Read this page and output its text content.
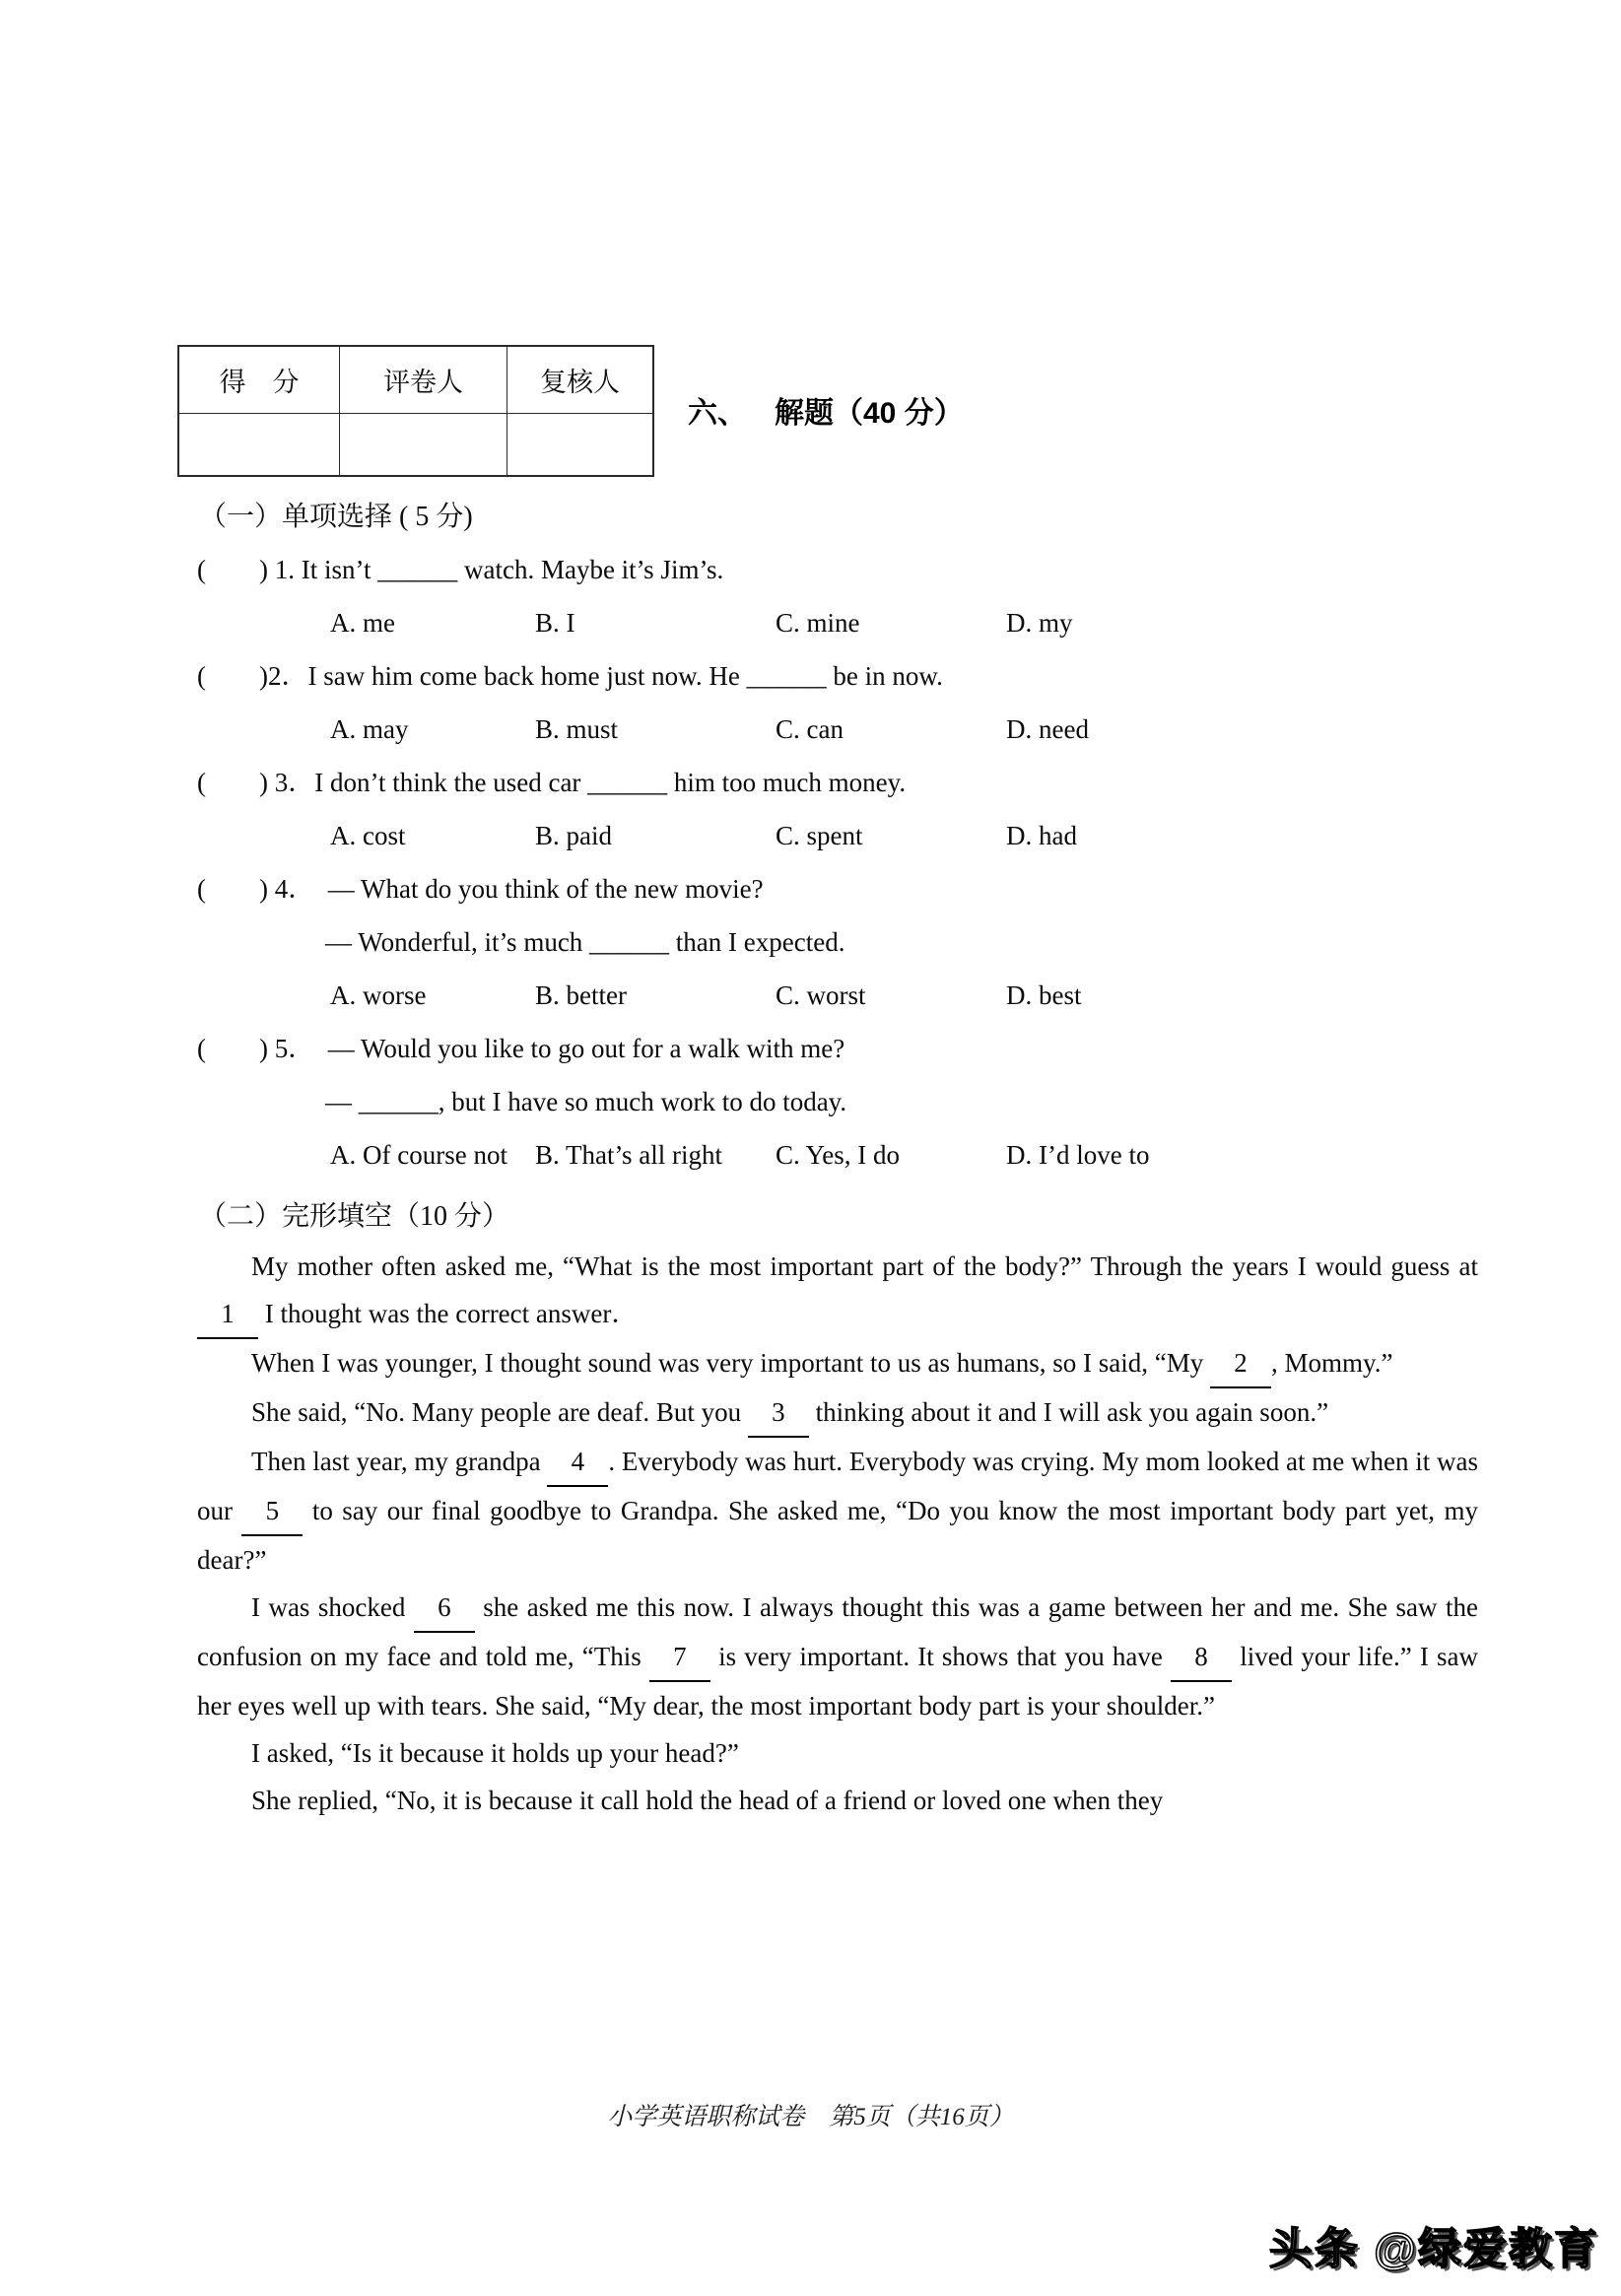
得　分	评卷人	复核人

六、 解题（40 分）
（一）单项选择 ( 5 分)
(        ) 1. It isn’t ______ watch. Maybe it’s Jim’s.
A. me	B. I	C. mine	D. my
(        )2．I saw him come back home just now. He ______ be in now.
A. may	B. must	C. can	D. need
(        ) 3．I don’t think the used car ______ him too much money.
A. cost	B. paid	C. spent	D. had
(        ) 4．  — What do you think of the new movie?
— Wonderful, it’s much ______ than I expected.
A. worse	B. better	C. worst	D. best
(        ) 5．  — Would you like to go out for a walk with me?
— ______, but I have so much work to do today.
A. Of course not	B. That’s all right	C. Yes, I do	D. I’d love to
（二）完形填空（10 分）

My mother often asked me, “What is the most important part of the body?” Through the years I would guess at 1 I thought was the correct answer．

When I was younger, I thought sound was very important to us as humans, so I said, “My 2 , Mommy.”

She said, “No. Many people are deaf. But you 3 thinking about it and I will ask you again soon.”

Then last year, my grandpa 4 . Everybody was hurt. Everybody was crying. My mom looked at me when it was our 5 to say our final goodbye to Grandpa. She asked me, “Do you know the most important body part yet, my dear?”

I was shocked 6 she asked me this now. I always thought this was a game between her and me. She saw the confusion on my face and told me, “This 7 is very important. It shows that you have 8 lived your life.” I saw her eyes well up with tears. She said, “My dear, the most important body part is your shoulder.”

I asked, “Is it because it holds up your head?”

She replied, “No, it is because it call hold the head of a friend or loved one when they

小学英语职称试卷　第5页（共16页）
头条 @绿爱教育
